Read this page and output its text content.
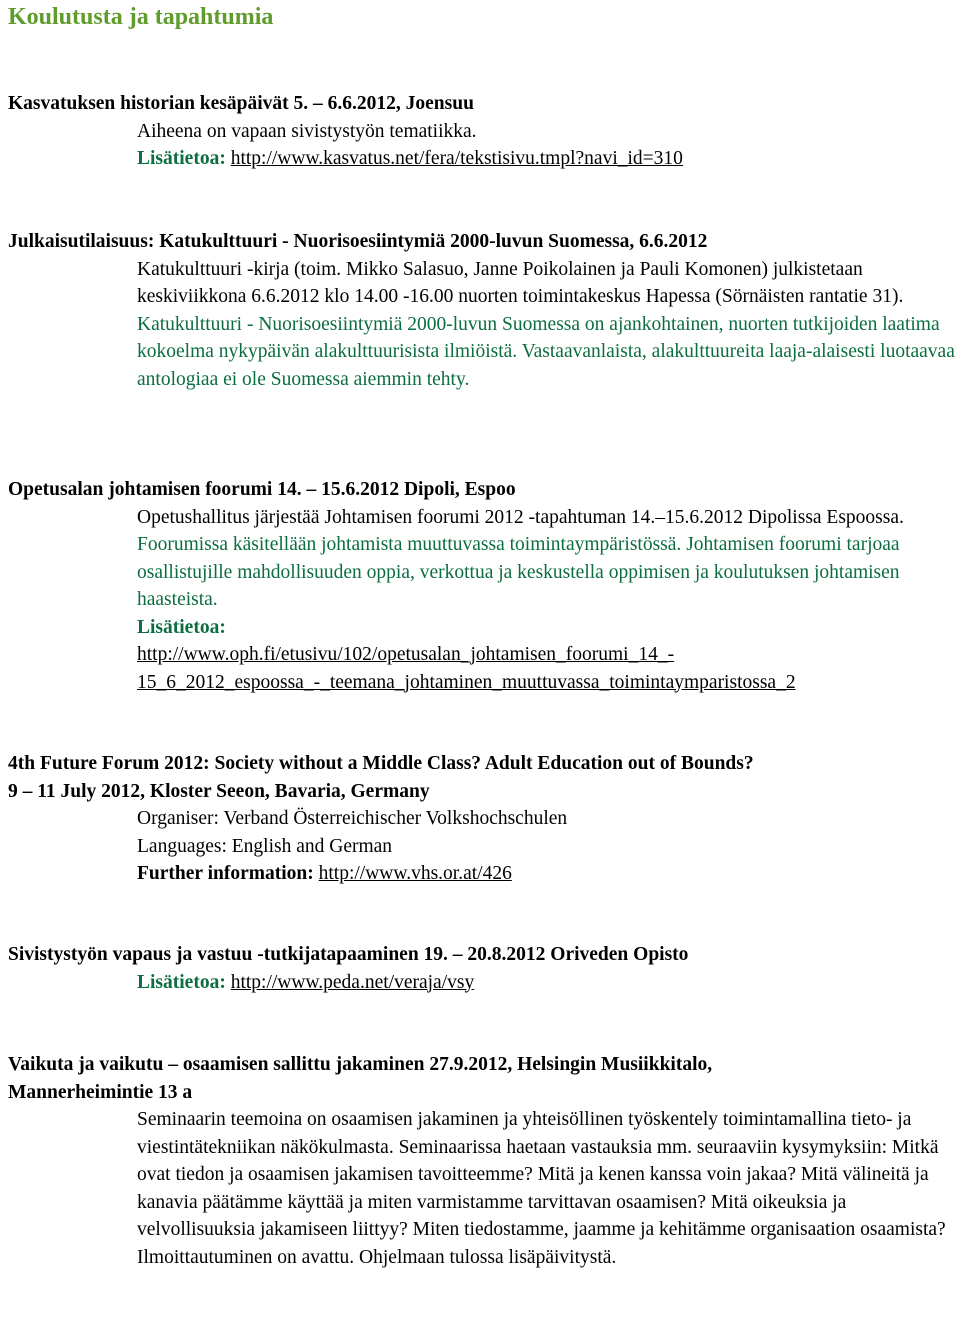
Koulutusta ja tapahtumia
Kasvatuksen historian kesäpäivät 5. – 6.6.2012, Joensuu
Aiheena on vapaan sivistystyön tematiikka.
Lisätietoa: http://www.kasvatus.net/fera/tekstisivu.tmpl?navi_id=310
Julkaisutilaisuus: Katukulttuuri - Nuorisoesiintymiä 2000-luvun Suomessa, 6.6.2012
Katukulttuuri -kirja (toim. Mikko Salasuo, Janne Poikolainen ja Pauli Komonen) julkistetaan keskiviikkona 6.6.2012 klo 14.00 -16.00 nuorten toimintakeskus Hapessa (Sörnäisten rantatie 31). Katukulttuuri - Nuorisoesiintymiä 2000-luvun Suomessa on ajankohtainen, nuorten tutkijoiden laatima kokoelma nykypäivän alakulttuurisista ilmiöistä. Vastaavanlaista, alakulttuureita laaja-alaisesti luotaavaa antologiaa ei ole Suomessa aiemmin tehty.
Opetusalan johtamisen foorumi 14. – 15.6.2012 Dipoli, Espoo
Opetushallitus järjestää Johtamisen foorumi 2012 -tapahtuman 14.–15.6.2012 Dipolissa Espoossa. Foorumissa käsitellään johtamista muuttuvassa toimintaympäristössä. Johtamisen foorumi tarjoaa osallistujille mahdollisuuden oppia, verkottua ja keskustella oppimisen ja koulutuksen johtamisen haasteista.
Lisätietoa:
http://www.oph.fi/etusivu/102/opetusalan_johtamisen_foorumi_14_-
15_6_2012_espoossa_-_teemana_johtaminen_muuttuvassa_toimintaymparistossa_2
4th Future Forum 2012: Society without a Middle Class? Adult Education out of Bounds?
9 – 11 July 2012, Kloster Seeon, Bavaria, Germany
Organiser: Verband Österreichischer Volkshochschulen
Languages: English and German
Further information: http://www.vhs.or.at/426
Sivistystyön vapaus ja vastuu -tutkijatapaaminen 19. – 20.8.2012 Oriveden Opisto
Lisätietoa: http://www.peda.net/veraja/vsy
Vaikuta ja vaikutu – osaamisen sallittu jakaminen 27.9.2012, Helsingin Musiikkitalo,
Mannerheimintie 13 a
Seminaarin teemoina on osaamisen jakaminen ja yhteisöllinen työskentely toimintamallina tieto- ja viestintätekniikan näkökulmasta. Seminaarissa haetaan vastauksia mm. seuraaviin kysymyksiin: Mitkä ovat tiedon ja osaamisen jakamisen tavoitteemme? Mitä ja kenen kanssa voin jakaa? Mitä välineitä ja kanavia päätämme käyttää ja miten varmistamme tarvittavan osaamisen? Mitä oikeuksia ja velvollisuuksia jakamiseen liittyy? Miten tiedostamme, jaamme ja kehitämme organisaation osaamista?
Ilmoittautuminen on avattu. Ohjelmaan tulossa lisäpäivitystä.
